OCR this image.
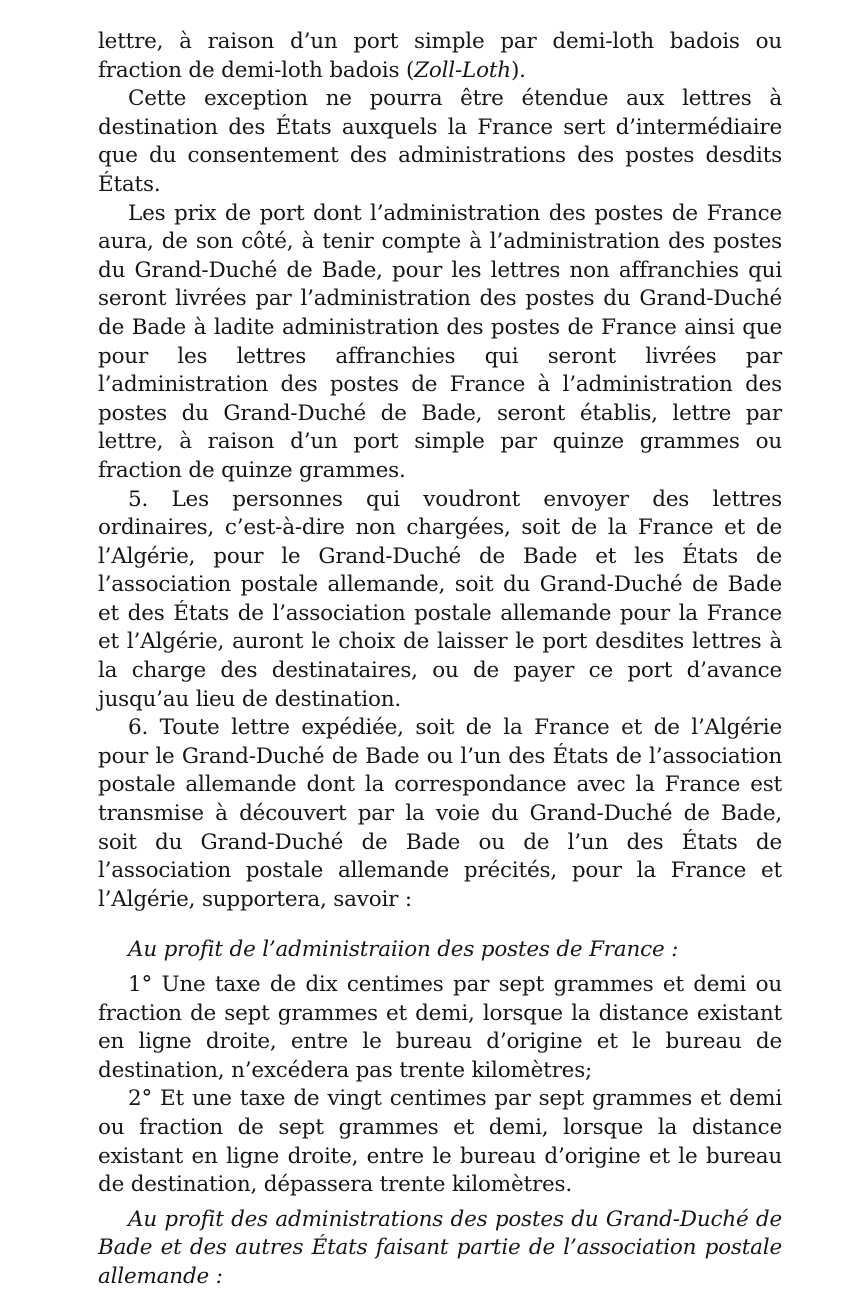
lettre, à raison d’un port simple par demi-loth badois ou fraction de demi-loth badois (Zoll-Loth).

Cette exception ne pourra être étendue aux lettres à destination des États auxquels la France sert d’intermédiaire que du consentement des administrations des postes desdits États.

Les prix de port dont l’administration des postes de France aura, de son côté, à tenir compte à l’administration des postes du Grand-Duché de Bade, pour les lettres non affranchies qui seront livrées par l’administration des postes du Grand-Duché de Bade à ladite administration des postes de France ainsi que pour les lettres affranchies qui seront livrées par l’administration des postes de France à l’administration des postes du Grand-Duché de Bade, seront établis, lettre par lettre, à raison d’un port simple par quinze grammes ou fraction de quinze grammes.

5. Les personnes qui voudront envoyer des lettres ordinaires, c’est-à-dire non chargées, soit de la France et de l’Algérie, pour le Grand-Duché de Bade et les États de l’association postale allemande, soit du Grand-Duché de Bade et des États de l’association postale allemande pour la France et l’Algérie, auront le choix de laisser le port desdites lettres à la charge des destinataires, ou de payer ce port d’avance jusqu’au lieu de destination.

6. Toute lettre expédiée, soit de la France et de l’Algérie pour le Grand-Duché de Bade ou l’un des États de l’association postale allemande dont la correspondance avec la France est transmise à découvert par la voie du Grand-Duché de Bade, soit du Grand-Duché de Bade ou de l’un des États de l’association postale allemande précités, pour la France et l’Algérie, supportera, savoir :

Au profit de l’administraiion des postes de France :

1° Une taxe de dix centimes par sept grammes et demi ou fraction de sept grammes et demi, lorsque la distance existant en ligne droite, entre le bureau d’origine et le bureau de destination, n’excédera pas trente kilomètres;

2° Et une taxe de vingt centimes par sept grammes et demi ou fraction de sept grammes et demi, lorsque la distance existant en ligne droite, entre le bureau d’origine et le bureau de destination, dépassera trente kilomètres.

Au profit des administrations des postes du Grand-Duché de Bade et des autres États faisant partie de l’association postale allemande :
